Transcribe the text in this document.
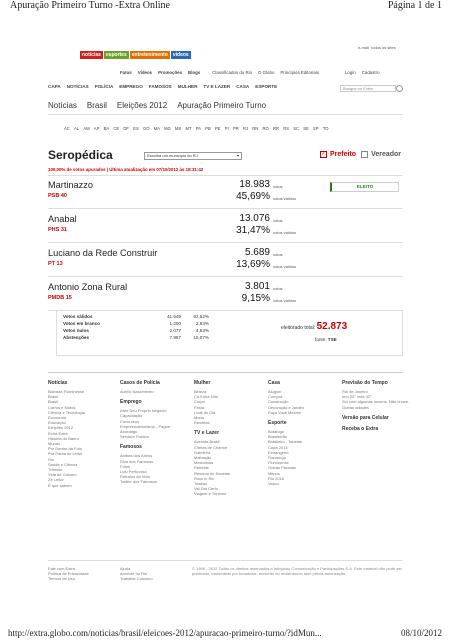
Apuração Primeiro Turno -Extra Online	Página 1 de 1
notícias esportes entretenimento vídeos
e-mail todos os sites
Fatos Vídeos Promoções Blogs	Classificados do Rio O Globo Princípios Editoriais	Login Cadastro
CAPA NOTÍCIAS POLÍCIA EMPREGO FAMOSOS MULHER TV E LAZER CASA ESPORTE	Busque no Extra
Notícias Brasil Eleições 2012 Apuração Primeiro Turno
AC AL AM AP BA CE DF ES GO MA MG MS MT PA PB PE PI PR RJ RN RO RR RS SC SE SP TO
Seropédica	Escolha um município do RJ	▾	✓ Prefeito Vereador
100,00% de votos apurados | Última atualização em 07/10/2012 às 18:31:42
Martinazzo
PSB 40
18.983 votos
45,69% votos válidos
ELEITO
Anabal
PHS 31
13.076 votos
31,47% votos válidos
Luciano da Rede Construir
PT 13
5.689 votos
13,69% votos válidos
Antonio Zona Rural
PMDB 15
3.801 votos
9,15% votos válidos
Votos válidos	41.549	92,52%
Votos em branco	1.200	2,63%
Votos nulos	2.077	4,63%
Abstenções	7.967	15,07%
eleitorado total: 52.873
fonte: TSE
Notícias
Baixada Fluminense
Brasil
Brasil
Carros e Motos
Ciência e Tecnologia
Economia
Educação
Eleições 2012
Extra Extra
História do Bairro
Mundo
Por Dentro da Foto
Pra Pauta do Leitor
Rio
Saúde e Ciência
Trânsito
Vida de Calouro
Zé Leitor
É que sabem
Casos de Polícia
Aurílio Nascimento
Emprego
Abre Seu Próprio Negócio
Capacitação
Concursos
Empreendedorismo - Pague
Abordagu
Servidor Público
Famosos
Anitras dos Astros
Diva dos Famosos
Fotos
Lulu Pertuosso
Retratos da Vida
Twitter dos Famosos
Mulher
Beleza
Cá Entre Nós
Corpo
Festa
Look do Dia
Moda
Receitas
TV e Lazer
Avenida Brasil
Cheias de Charme
Galmeira
Malhação
Mexicanas
Rebelde
Resumo de Novelas
Rock in Rio
Teatrax
Val Dar Certo
Viagem e Turismo
Casa
Aluguel
Compra
Construção
Decoração e Jardim
Faça Você Mesmo
Esporte
Botafogo
Brasileirão
Brasileiro - Tabelas
Copa 2014
Estrangeiro
Flamengo
Fluminense
Outras Paradas
Mitnos
Rio 2016
Vasco
Previsão do Tempo
Rio de Janeiro
mín 20° máx 32°
Sol com algumas nuvens. Não chove.
Outras cidades
Versão para Celular
Receba o Extra
Fale com Extra
Política de Privacidade
Termos de Uso
Ajuda
Anuncie no Rio
Trabalhe Conosco
© 1996 - 2012 Todos os direitos reservados a Infoglobo Comunicação e Participações S.A. Este material não pode ser publicado, transmitido por broadcast, reescrito ou redistribuído sem prévia autorização.
http://extra.globo.com/noticias/brasil/eleicoes-2012/apuracao-primeiro-turno/?idMun...	08/10/2012
